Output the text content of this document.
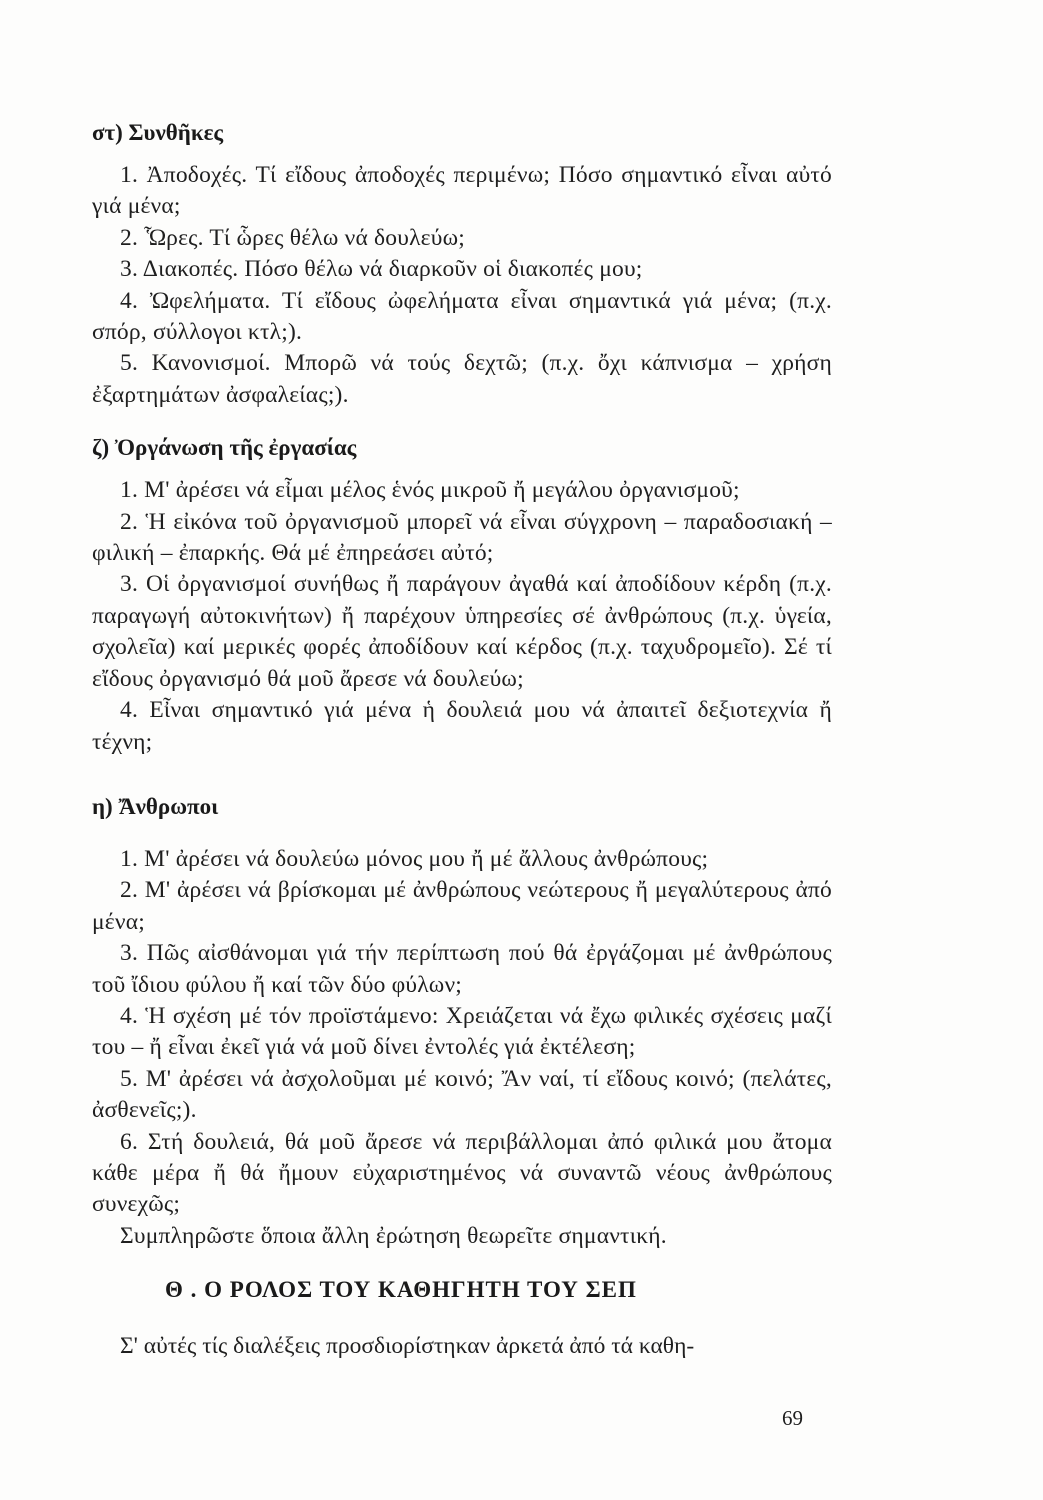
στ) Συνθῆκες

1. Ἀποδοχές. Τί εἴδους ἀποδοχές περιμένω; Πόσο σημαντικό εἶναι αὐτό γιά μένα;

2. Ὧρες. Τί ὧρες θέλω νά δουλεύω;

3. Διακοπές. Πόσο θέλω νά διαρκοῦν οἱ διακοπές μου;

4. Ὠφελήματα. Τί εἴδους ὠφελήματα εἶναι σημαντικά γιά μένα; (π.χ. σπόρ, σύλλογοι κτλ;).

5. Κανονισμοί. Μπορῶ νά τούς δεχτῶ; (π.χ. ὄχι κάπνισμα – χρήση ἐξαρτημάτων ἀσφαλείας;).

ζ) Ὀργάνωση τῆς ἐργασίας

1. Μ' ἀρέσει νά εἶμαι μέλος ἑνός μικροῦ ἤ μεγάλου ὀργανισμοῦ;

2. Ἡ εἰκόνα τοῦ ὀργανισμοῦ μπορεῖ νά εἶναι σύγχρονη – παραδοσιακή – φιλική – ἐπαρκής. Θά μέ ἐπηρεάσει αὐτό;

3. Οἱ ὀργανισμοί συνήθως ἤ παράγουν ἀγαθά καί ἀποδίδουν κέρδη (π.χ. παραγωγή αὐτοκινήτων) ἤ παρέχουν ὑπηρεσίες σέ ἀνθρώπους (π.χ. ὑγεία, σχολεῖα) καί μερικές φορές ἀποδίδουν καί κέρδος (π.χ. ταχυδρομεῖο). Σέ τί εἴδους ὀργανισμό θά μοῦ ἄρεσε νά δουλεύω;

4. Εἶναι σημαντικό γιά μένα ἡ δουλειά μου νά ἀπαιτεῖ δεξιοτεχνία ἤ τέχνη;

η) Ἄνθρωποι

1. Μ' ἀρέσει νά δουλεύω μόνος μου ἤ μέ ἄλλους ἀνθρώπους;

2. Μ' ἀρέσει νά βρίσκομαι μέ ἀνθρώπους νεώτερους ἤ μεγαλύτερους ἀπό μένα;

3. Πῶς αἰσθάνομαι γιά τήν περίπτωση πού θά ἐργάζομαι μέ ἀνθρώπους τοῦ ἴδιου φύλου ἤ καί τῶν δύο φύλων;

4. Ἡ σχέση μέ τόν προϊστάμενο: Χρειάζεται νά ἔχω φιλικές σχέσεις μαζί του – ἤ εἶναι ἐκεῖ γιά νά μοῦ δίνει ἐντολές γιά ἐκτέλεση;

5. Μ' ἀρέσει νά ἀσχολοῦμαι μέ κοινό; Ἄν ναί, τί εἴδους κοινό; (πελάτες, ἀσθενεῖς;).

6. Στή δουλειά, θά μοῦ ἄρεσε νά περιβάλλομαι ἀπό φιλικά μου ἄτομα κάθε μέρα ἤ θά ἤμουν εὐχαριστημένος νά συναντῶ νέους ἀνθρώπους συνεχῶς;

Συμπληρῶστε ὅποια ἄλλη ἐρώτηση θεωρεῖτε σημαντική.

Θ . Ο ΡΟΛΟΣ ΤΟΥ ΚΑΘΗΓΗΤΗ ΤΟΥ ΣΕΠ

Σ' αὐτές τίς διαλέξεις προσδιορίστηκαν ἀρκετά ἀπό τά καθη-

69
